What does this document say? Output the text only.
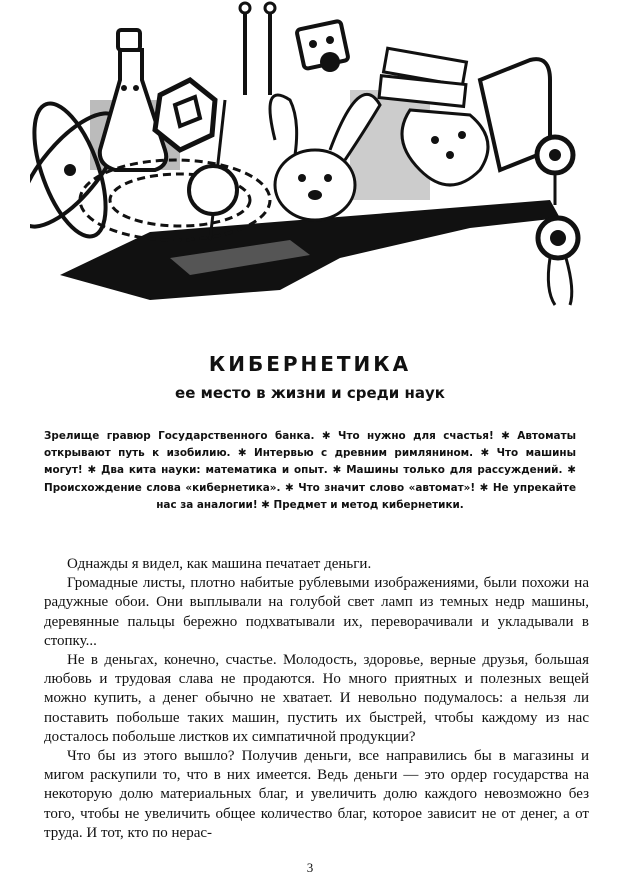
КИБЕРНЕТИКА
ее место в жизни и среди наук
Зрелище гравюр Государственного банка. ✱ Что нужно для счастья! ✱ Автоматы открывают путь к изобилию. ✱ Интервью с древним римлянином. ✱ Что машины могут! ✱ Два кита науки: математика и опыт. ✱ Машины только для рассуждений. ✱ Происхождение слова «кибернетика». ✱ Что значит слово «автомат»! ✱ Не упрекайте нас за аналогии! ✱ Предмет и метод кибернетики.

Однажды я видел, как машина печатает деньги.

Громадные листы, плотно набитые рублевыми изображениями, были похожи на радужные обои. Они выплывали на голубой свет ламп из темных недр машины, деревянные пальцы бережно подхватывали их, переворачивали и укладывали в стопку...

Не в деньгах, конечно, счастье. Молодость, здоровье, верные друзья, большая любовь и трудовая слава не продаются. Но много приятных и полезных вещей можно купить, а денег обычно не хватает. И невольно подумалось: а нельзя ли поставить побольше таких машин, пустить их быстрей, чтобы каждому из нас досталось побольше листков их симпатичной продукции?

Что бы из этого вышло? Получив деньги, все направились бы в магазины и мигом раскупили то, что в них имеется. Ведь деньги — это ордер государства на некоторую долю материальных благ, и увеличить долю каждого невозможно без того, чтобы не увеличить общее количество благ, которое зависит не от денег, а от труда. И тот, кто по нерас-

3
